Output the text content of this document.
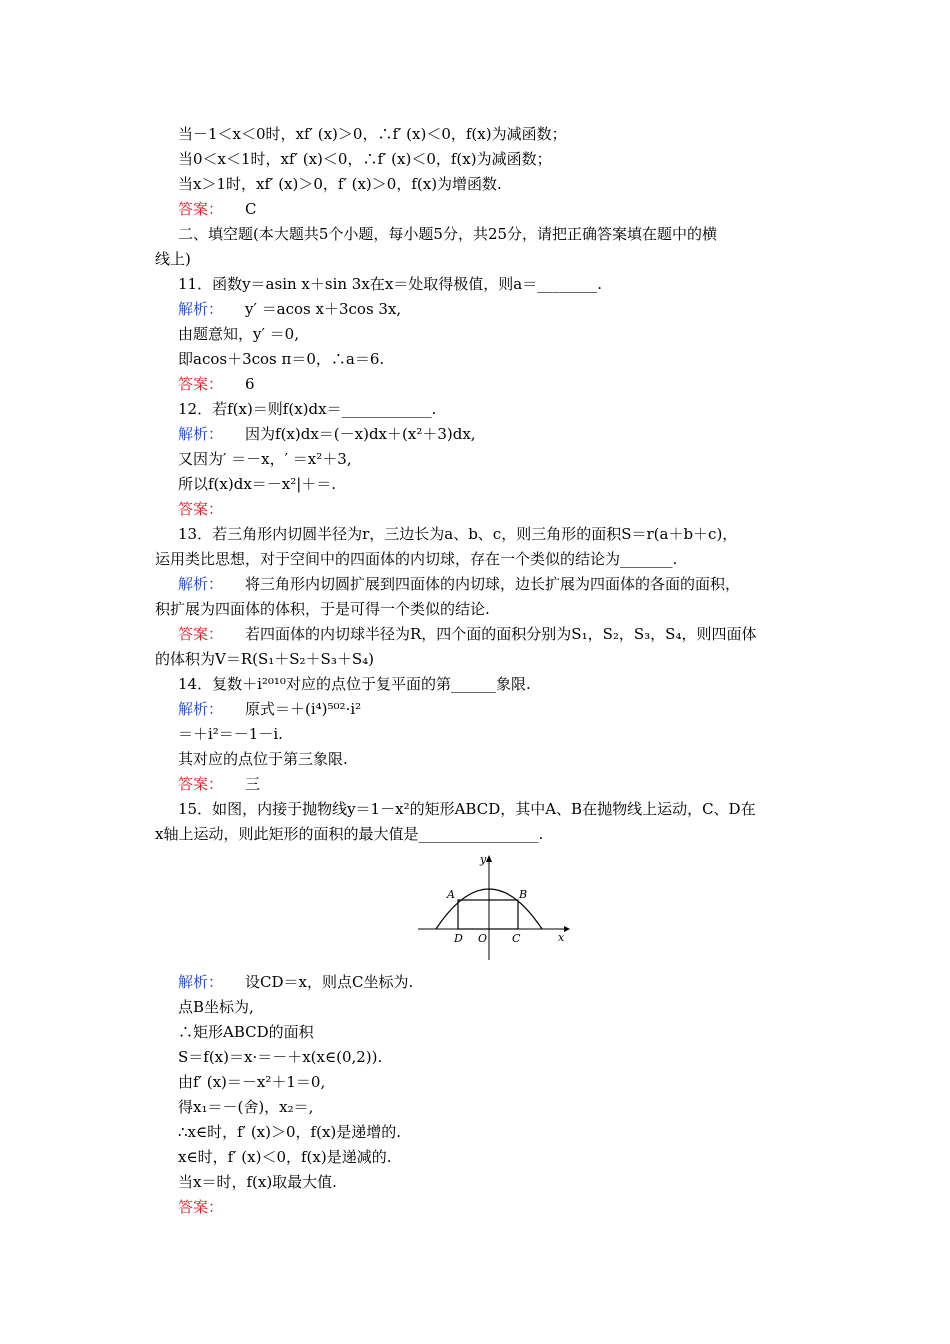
当－1＜x＜0时，xf′ (x)＞0，∴f′ (x)＜0，f(x)为减函数；
当0＜x＜1时，xf′ (x)＜0，∴f′ (x)＜0，f(x)为减函数；
当x＞1时，xf′ (x)＞0，f′ (x)＞0，f(x)为增函数.
答案： C
二、填空题(本大题共5个小题，每小题5分，共25分，请把正确答案填在题中的横
线上)
11．函数y＝asin x＋sin 3x在x＝处取得极值，则a＝________.
解析： y′ ＝acos x＋3cos 3x,
由题意知，y′ ＝0,
即acos＋3cos π＝0，∴a＝6.
答案： 6
12．若f(x)＝则f(x)dx＝____________.
解析： 因为f(x)dx＝(－x)dx＋(x²＋3)dx,
又因为′ ＝－x，′ ＝x²＋3,
所以f(x)dx＝－x²|＋＝.
答案：
13．若三角形内切圆半径为r，三边长为a、b、c，则三角形的面积S＝r(a＋b＋c)，
运用类比思想，对于空间中的四面体的内切球，存在一个类似的结论为_______.
解析： 将三角形内切圆扩展到四面体的内切球，边长扩展为四面体的各面的面积，
积扩展为四面体的体积，于是可得一个类似的结论.
答案： 若四面体的内切球半径为R，四个面的面积分别为S₁，S₂，S₃，S₄，则四面体
的体积为V＝R(S₁＋S₂＋S₃＋S₄)
14．复数＋i²⁰¹⁰对应的点位于复平面的第______象限.
解析： 原式＝＋(i⁴)⁵⁰²·i²
＝＋i²＝－1－i.
其对应的点位于第三象限.
答案： 三
15．如图，内接于抛物线y＝1－x²的矩形ABCD，其中A、B在抛物线上运动，C、D在
x轴上运动，则此矩形的面积的最大值是________________.
y
x
A	B
C
D O
解析： 设CD＝x，则点C坐标为.
点B坐标为,
∴矩形ABCD的面积
S＝f(x)＝x·＝－＋x(x∈(0,2)).
由f′ (x)＝－x²＋1＝0,
得x₁＝－(舍)，x₂＝,
∴x∈时，f′ (x)＞0，f(x)是递增的.
x∈时，f′ (x)＜0，f(x)是递减的.
当x＝时，f(x)取最大值.
答案：
